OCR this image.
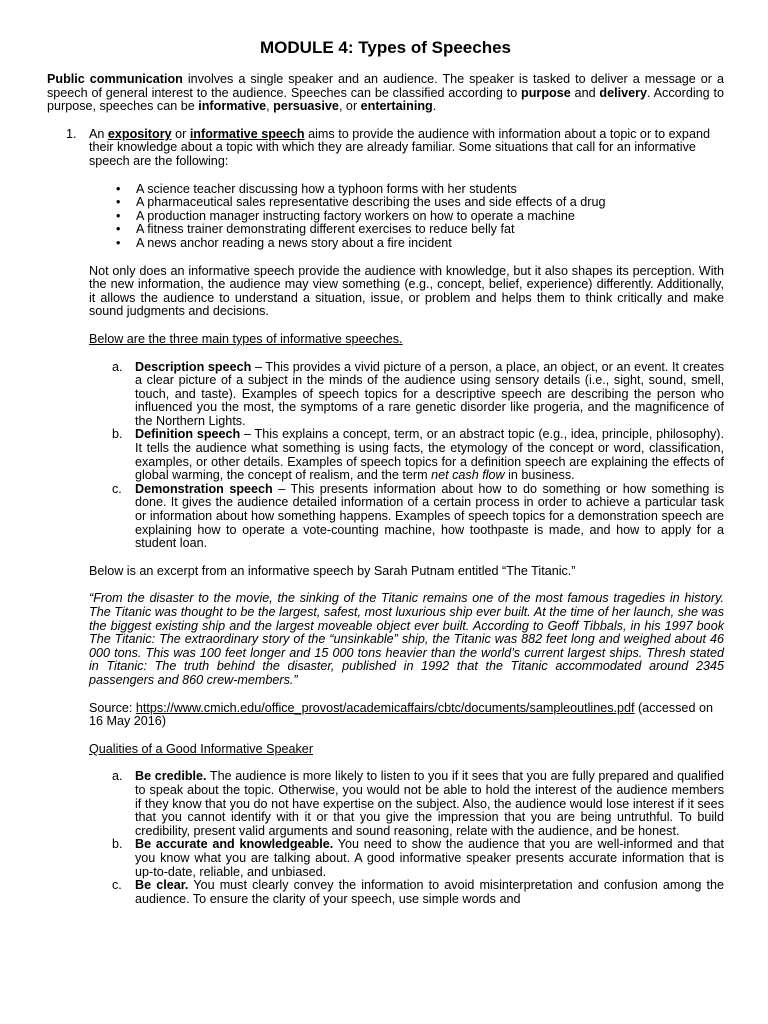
MODULE 4: Types of Speeches

Public communication involves a single speaker and an audience. The speaker is tasked to deliver a message or a speech of general interest to the audience. Speeches can be classified according to purpose and delivery. According to purpose, speeches can be informative, persuasive, or entertaining.

1. An expository or informative speech aims to provide the audience with information about a topic or to expand their knowledge about a topic with which they are already familiar. Some situations that call for an informative speech are the following:

•	A science teacher discussing how a typhoon forms with her students
•	A pharmaceutical sales representative describing the uses and side effects of a drug
•	A production manager instructing factory workers on how to operate a machine
•	A fitness trainer demonstrating different exercises to reduce belly fat
•	A news anchor reading a news story about a fire incident

Not only does an informative speech provide the audience with knowledge, but it also shapes its perception. With the new information, the audience may view something (e.g., concept, belief, experience) differently. Additionally, it allows the audience to understand a situation, issue, or problem and helps them to think critically and make sound judgments and decisions.

Below are the three main types of informative speeches.

a. Description speech – This provides a vivid picture of a person, a place, an object, or an event. It creates a clear picture of a subject in the minds of the audience using sensory details (i.e., sight, sound, smell, touch, and taste). Examples of speech topics for a descriptive speech are describing the person who influenced you the most, the symptoms of a rare genetic disorder like progeria, and the magnificence of the Northern Lights.

b. Definition speech – This explains a concept, term, or an abstract topic (e.g., idea, principle, philosophy). It tells the audience what something is using facts, the etymology of the concept or word, classification, examples, or other details. Examples of speech topics for a definition speech are explaining the effects of global warming, the concept of realism, and the term net cash flow in business.

c.	Demonstration speech – This presents information about how to do something or how something is done. It gives the audience detailed information of a certain process in order to achieve a particular task or information about how something happens. Examples of speech topics for a demonstration speech are explaining how to operate a vote-counting machine, how toothpaste is made, and how to apply for a student loan.

Below is an excerpt from an informative speech by Sarah Putnam entitled “The Titanic.”

“From the disaster to the movie, the sinking of the Titanic remains one of the most famous tragedies in history. The Titanic was thought to be the largest, safest, most luxurious ship ever built. At the time of her launch, she was the biggest existing ship and the largest moveable object ever built. According to Geoff Tibbals, in his 1997 book The Titanic: The extraordinary story of the “unsinkable” ship, the Titanic was 882 feet long and weighed about 46 000 tons. This was 100 feet longer and 15 000 tons heavier than the world’s current largest ships. Thresh stated in Titanic: The truth behind the disaster, published in 1992 that the Titanic accommodated around 2345 passengers and 860 crew-members.”

Source: https://www.cmich.edu/office_provost/academicaffairs/cbtc/documents/sampleoutlines.pdf (accessed on 16 May 2016)

Qualities of a Good Informative Speaker

a. Be credible. The audience is more likely to listen to you if it sees that you are fully prepared and qualified to speak about the topic. Otherwise, you would not be able to hold the interest of the audience members if they know that you do not have expertise on the subject. Also, the audience would lose interest if it sees that you cannot identify with it or that you give the impression that you are being untruthful. To build credibility, present valid arguments and sound reasoning, relate with the audience, and be honest.

b. Be accurate and knowledgeable. You need to show the audience that you are well-informed and that you know what you are talking about. A good informative speaker presents accurate information that is up-to-date, reliable, and unbiased.

c.	Be clear. You must clearly convey the information to avoid misinterpretation and confusion among the audience. To ensure the clarity of your speech, use simple words and
